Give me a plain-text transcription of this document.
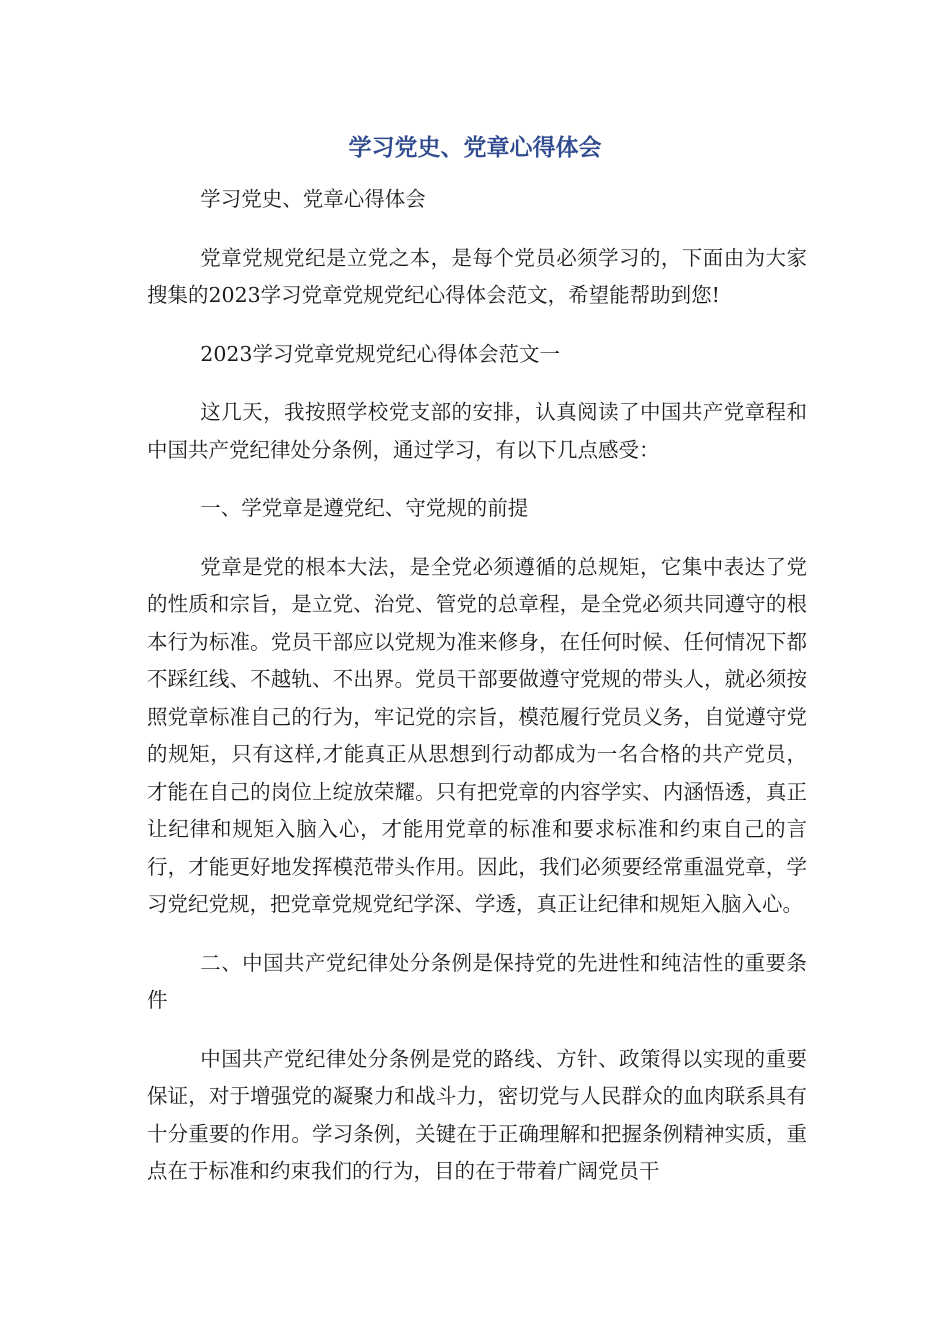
学习党史、党章心得体会

学习党史、党章心得体会

党章党规党纪是立党之本，是每个党员必须学习的，下面由为大家搜集的2023学习党章党规党纪心得体会范文，希望能帮助到您!

2023学习党章党规党纪心得体会范文一

这几天，我按照学校党支部的安排，认真阅读了中国共产党章程和中国共产党纪律处分条例，通过学习，有以下几点感受：

一、学党章是遵党纪、守党规的前提

党章是党的根本大法，是全党必须遵循的总规矩，它集中表达了党的性质和宗旨，是立党、治党、管党的总章程，是全党必须共同遵守的根本行为标准。党员干部应以党规为准来修身，在任何时候、任何情况下都不踩红线、不越轨、不出界。党员干部要做遵守党规的带头人，就必须按照党章标准自己的行为，牢记党的宗旨，模范履行党员义务，自觉遵守党的规矩，只有这样,才能真正从思想到行动都成为一名合格的共产党员，才能在自己的岗位上绽放荣耀。只有把党章的内容学实、内涵悟透，真正让纪律和规矩入脑入心，才能用党章的标准和要求标准和约束自己的言行，才能更好地发挥模范带头作用。因此，我们必须要经常重温党章，学习党纪党规，把党章党规党纪学深、学透，真正让纪律和规矩入脑入心。

二、中国共产党纪律处分条例是保持党的先进性和纯洁性的重要条件

中国共产党纪律处分条例是党的路线、方针、政策得以实现的重要保证，对于增强党的凝聚力和战斗力，密切党与人民群众的血肉联系具有十分重要的作用。学习条例，关键在于正确理解和把握条例精神实质，重点在于标准和约束我们的行为，目的在于带着广阔党员干
